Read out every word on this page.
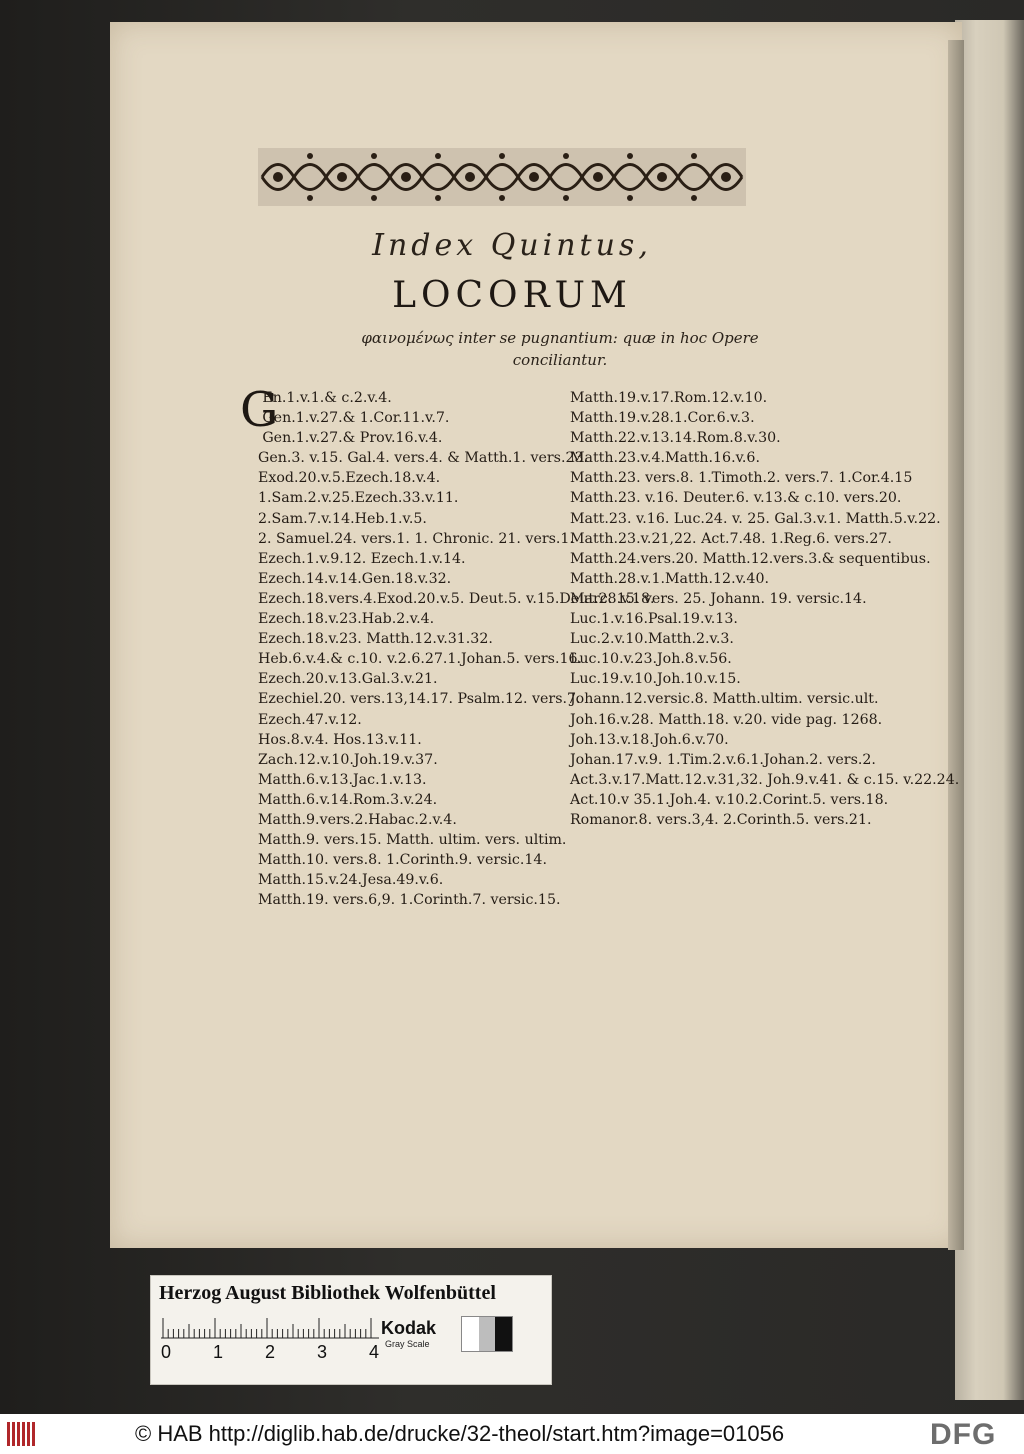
Index Quintus,
LOCORUM
φαινομένως inter se pugnantium: quæ in hoc Opere
conciliantur.
G
En.1.v.1.& c.2.v.4.
Gen.1.v.27.& 1.Cor.11.v.7.
Gen.1.v.27.& Prov.16.v.4.
Gen.3. v.15. Gal.4. vers.4. & Matth.1. vers.23.
Exod.20.v.5.Ezech.18.v.4.
1.Sam.2.v.25.Ezech.33.v.11.
2.Sam.7.v.14.Heb.1.v.5.
2. Samuel.24. vers.1. 1. Chronic. 21. vers.1.
Ezech.1.v.9.12. Ezech.1.v.14.
Ezech.14.v.14.Gen.18.v.32.
Ezech.18.vers.4.Exod.20.v.5. Deut.5. v.15.Deut.28.v.18.
Ezech.18.v.23.Hab.2.v.4.
Ezech.18.v.23. Matth.12.v.31.32.
Heb.6.v.4.& c.10. v.2.6.27.1.Johan.5. vers.16.
Ezech.20.v.13.Gal.3.v.21.
Ezechiel.20. vers.13,14.17. Psalm.12. vers.7.
Ezech.47.v.12.
Hos.8.v.4. Hos.13.v.11.
Zach.12.v.10.Joh.19.v.37.
Matth.6.v.13.Jac.1.v.13.
Matth.6.v.14.Rom.3.v.24.
Matth.9.vers.2.Habac.2.v.4.
Matth.9. vers.15. Matth. ultim. vers. ultim.
Matth.10. vers.8. 1.Corinth.9. versic.14.
Matth.15.v.24.Jesa.49.v.6.
Matth.19. vers.6,9. 1.Corinth.7. versic.15.
Matth.19.v.17.Rom.12.v.10.
Matth.19.v.28.1.Cor.6.v.3.
Matth.22.v.13.14.Rom.8.v.30.
Matth.23.v.4.Matth.16.v.6.
Matth.23. vers.8. 1.Timoth.2. vers.7. 1.Cor.4.15
Matth.23. v.16. Deuter.6. v.13.& c.10. vers.20.
Matt.23. v.16. Luc.24. v. 25. Gal.3.v.1. Matth.5.v.22.
Matth.23.v.21,22. Act.7.48. 1.Reg.6. vers.27.
Matth.24.vers.20. Matth.12.vers.3.& sequentibus.
Matth.28.v.1.Matth.12.v.40.
Marc. 15. vers. 25. Johann. 19. versic.14.
Luc.1.v.16.Psal.19.v.13.
Luc.2.v.10.Matth.2.v.3.
Luc.10.v.23.Joh.8.v.56.
Luc.19.v.10.Joh.10.v.15.
Johann.12.versic.8. Matth.ultim. versic.ult.
Joh.16.v.28. Matth.18. v.20. vide pag. 1268.
Joh.13.v.18.Joh.6.v.70.
Johan.17.v.9. 1.Tim.2.v.6.1.Johan.2. vers.2.
Act.3.v.17.Matt.12.v.31,32. Joh.9.v.41. & c.15. v.22.24.
Act.10.v 35.1.Joh.4. v.10.2.Corint.5. vers.18.
Romanor.8. vers.3,4. 2.Corinth.5. vers.21.
Herzog August Bibliothek Wolfenbüttel
0 1 2 3 4
Kodak
Gray Scale
© HAB http://diglib.hab.de/drucke/32-theol/start.htm?image=01056	DFG
